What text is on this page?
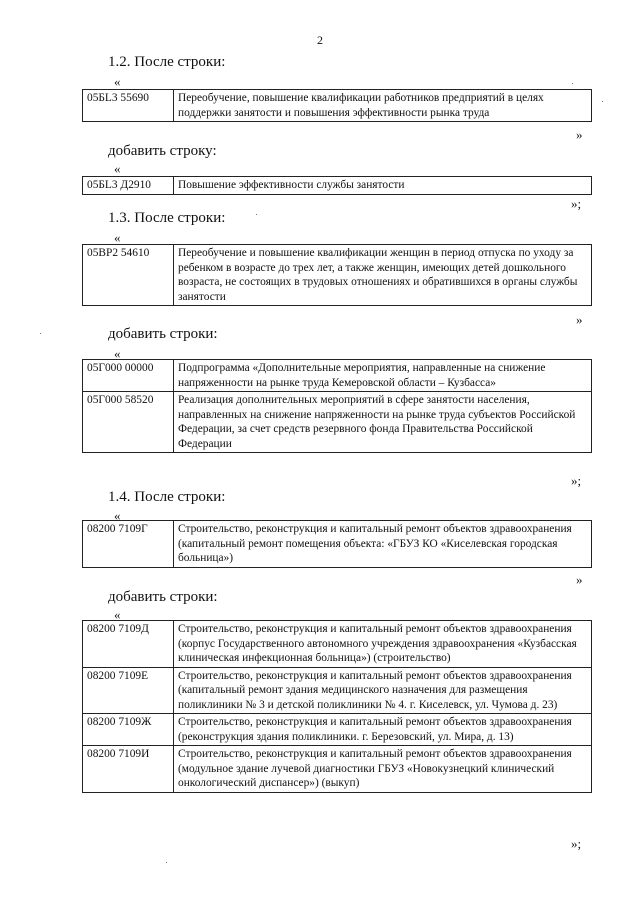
2
1.2. После строки:
«
05БL3 55690	Переобучение, повышение квалификации работников предприятий в целях поддержки занятости и повышения эффективности рынка труда
»
добавить строку:
«
05БL3 Д2910	Повышение эффективности службы занятости
»;
1.3. После строки:
«
05ВР2 54610	Переобучение и повышение квалификации женщин в период отпуска по уходу за ребенком в возрасте до трех лет, а также женщин, имеющих детей дошкольного возраста, не состоящих в трудовых отношениях и обратившихся в органы службы занятости
»
добавить строки:
«
05Г000 00000	Подпрограмма «Дополнительные мероприятия, направленные на снижение напряженности на рынке труда Кемеровской области – Кузбасса»
05Г000 58520	Реализация дополнительных мероприятий в сфере занятости населения, направленных на снижение напряженности на рынке труда субъектов Российской Федерации, за счет средств резервного фонда Правительства Российской Федерации
»;
1.4. После строки:
«
08200 7109Г	Строительство, реконструкция и капитальный ремонт объектов здравоохранения (капитальный ремонт помещения объекта: «ГБУЗ КО «Киселевская городская больница»)
»
добавить строки:
«
08200 7109Д	Строительство, реконструкция и капитальный ремонт объектов здравоохранения (корпус Государственного автономного учреждения здравоохранения «Кузбасская клиническая инфекционная больница») (строительство)
08200 7109Е	Строительство, реконструкция и капитальный ремонт объектов здравоохранения (капитальный ремонт здания медицинского назначения для размещения поликлиники № 3 и детской поликлиники № 4. г. Киселевск, ул. Чумова д. 23)
08200 7109Ж	Строительство, реконструкция и капитальный ремонт объектов здравоохранения (реконструкция здания поликлиники. г. Березовский, ул. Мира, д. 13)
08200 7109И	Строительство, реконструкция и капитальный ремонт объектов здравоохранения (модульное здание лучевой диагностики ГБУЗ «Новокузнецкий клинический онкологический диспансер») (выкуп)
»;
